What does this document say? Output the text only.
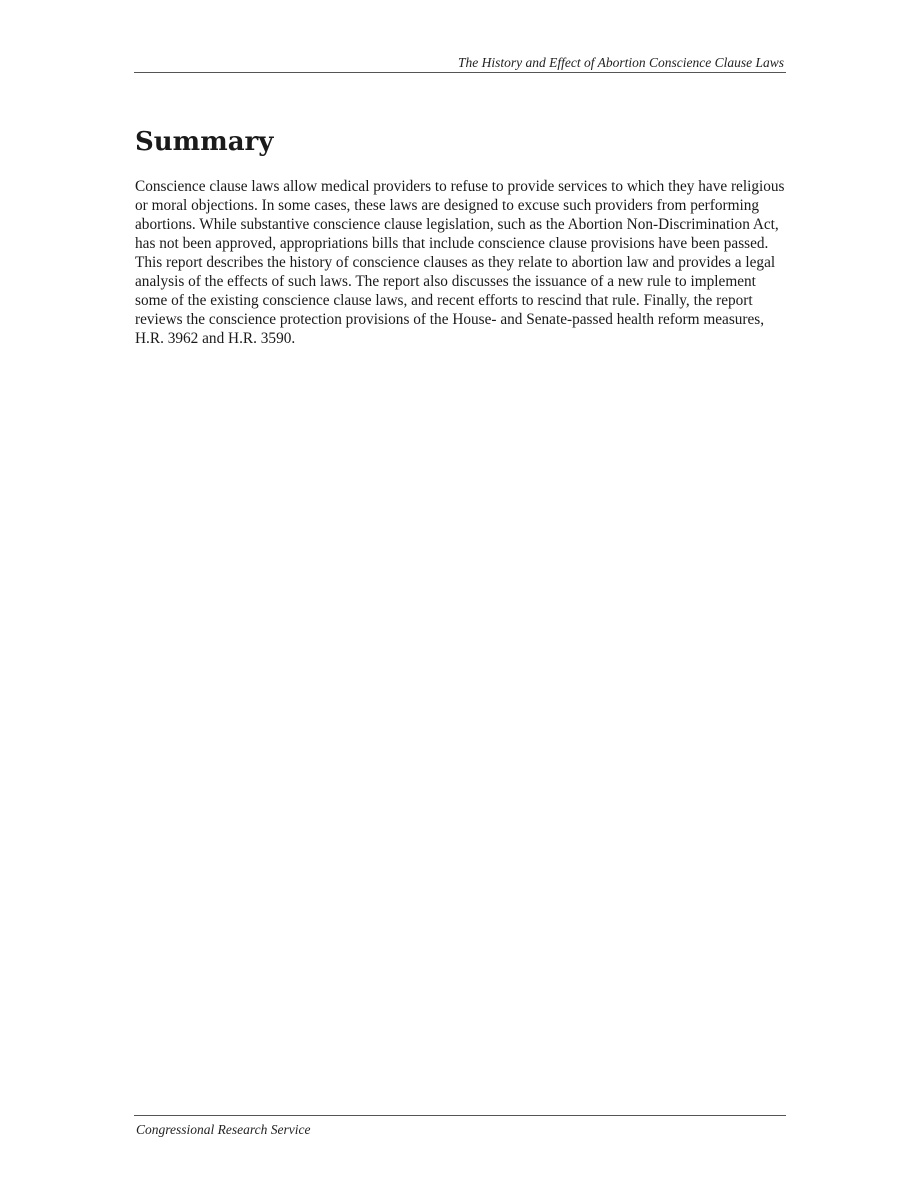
The History and Effect of Abortion Conscience Clause Laws
Summary

Conscience clause laws allow medical providers to refuse to provide services to which they have religious or moral objections. In some cases, these laws are designed to excuse such providers from performing abortions. While substantive conscience clause legislation, such as the Abortion Non-Discrimination Act, has not been approved, appropriations bills that include conscience clause provisions have been passed. This report describes the history of conscience clauses as they relate to abortion law and provides a legal analysis of the effects of such laws. The report also discusses the issuance of a new rule to implement some of the existing conscience clause laws, and recent efforts to rescind that rule. Finally, the report reviews the conscience protection provisions of the House- and Senate-passed health reform measures, H.R. 3962 and H.R. 3590.

Congressional Research Service
